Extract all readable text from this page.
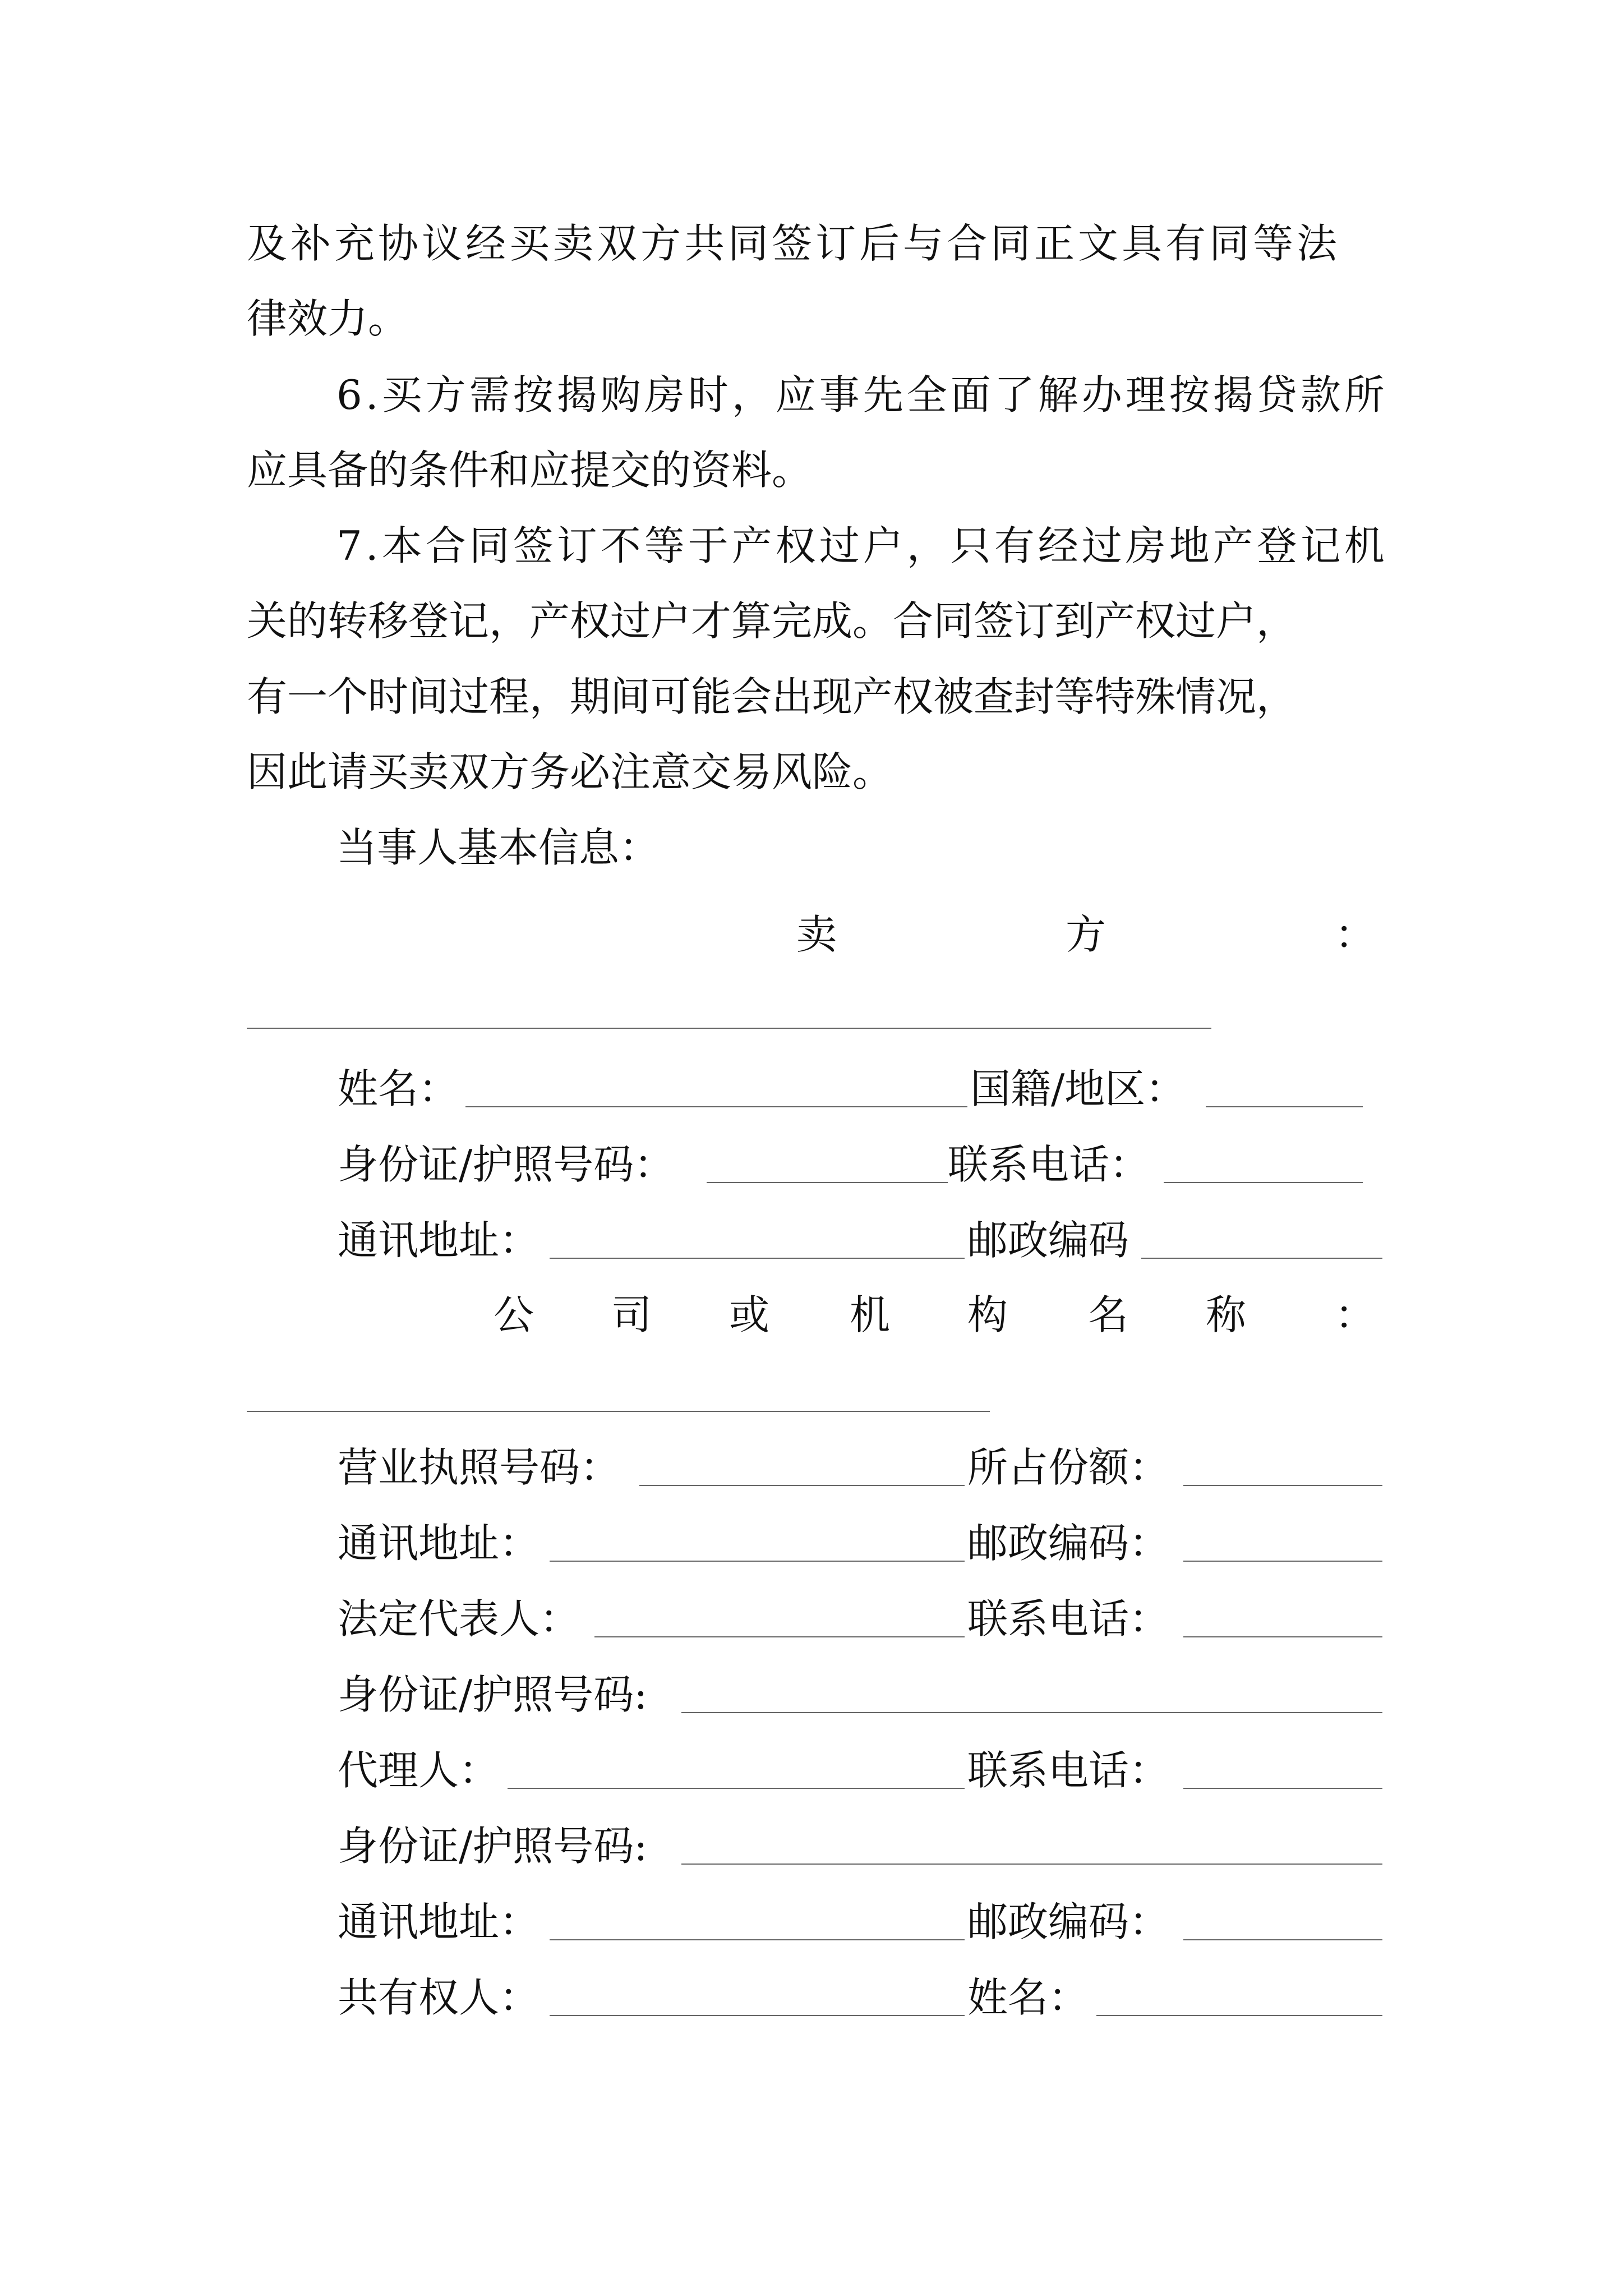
及补充协议经买卖双方共同签订后与合同正文具有同等法
律效力。
6.买方需按揭购房时，应事先全面了解办理按揭贷款所
应具备的条件和应提交的资料。
7.本合同签订不等于产权过户，只有经过房地产登记机
关的转移登记，产权过户才算完成。合同签订到产权过户，
有一个时间过程，期间可能会出现产权被查封等特殊情况，
因此请买卖双方务必注意交易风险。
当事人基本信息：
卖	方	：
姓名：	国籍/地区：
身份证/护照号码：	联系电话：
通讯地址：	邮政编码
公 司 或 机 构 名 称 ：
营业执照号码：	所占份额：
通讯地址：	邮政编码：
法定代表人：	联系电话：
身份证/护照号码:
代理人：	联系电话：
身份证/护照号码:
通讯地址：	邮政编码：
共有权人：	姓名：
